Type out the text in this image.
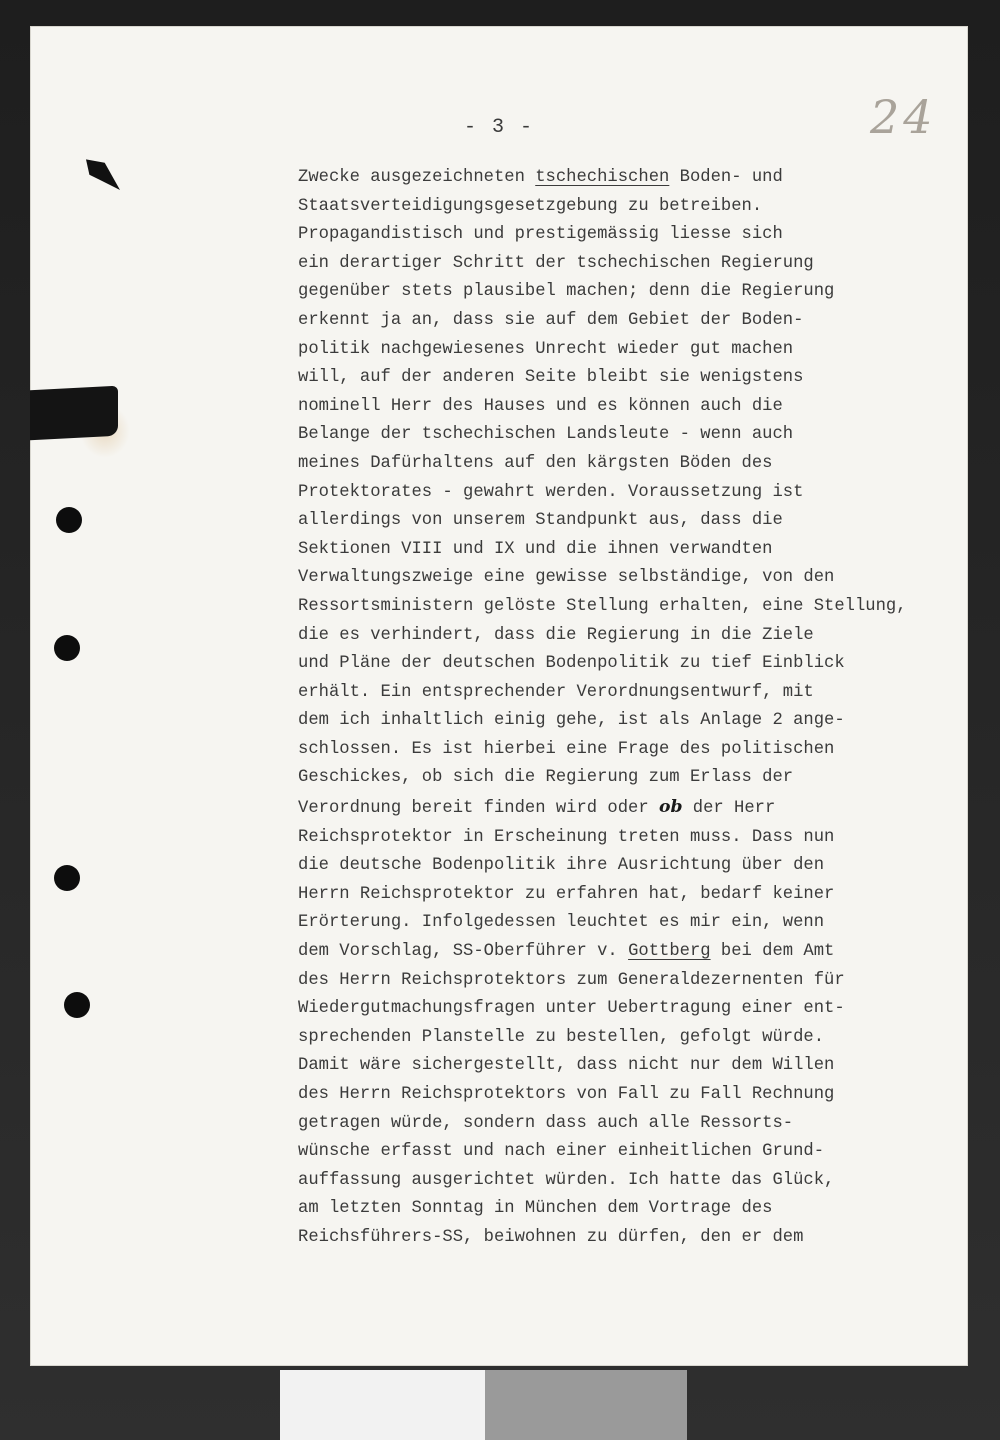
- 3 -	24
Zwecke ausgezeichneten tschechischen Boden- und
Staatsverteidigungsgesetzgebung zu betreiben.
Propagandistisch und prestigemässig liesse sich
ein derartiger Schritt der tschechischen Regierung
gegenüber stets plausibel machen; denn die Regierung
erkennt ja an, dass sie auf dem Gebiet der Boden-
politik nachgewiesenes Unrecht wieder gut machen
will, auf der anderen Seite bleibt sie wenigstens
nominell Herr des Hauses und es können auch die
Belange der tschechischen Landsleute - wenn auch
meines Dafürhaltens auf den kärgsten Böden des
Protektorates - gewahrt werden. Voraussetzung ist
allerdings von unserem Standpunkt aus, dass die
Sektionen VIII und IX und die ihnen verwandten
Verwaltungszweige eine gewisse selbständige, von den
Ressortsministern gelöste Stellung erhalten, eine Stellung,
die es verhindert, dass die Regierung in die Ziele
und Pläne der deutschen Bodenpolitik zu tief Einblick
erhält. Ein entsprechender Verordnungsentwurf, mit
dem ich inhaltlich einig gehe, ist als Anlage 2 ange-
schlossen. Es ist hierbei eine Frage des politischen
Geschickes, ob sich die Regierung zum Erlass der
Verordnung bereit finden wird oder ob der Herr
Reichsprotektor in Erscheinung treten muss. Dass nun
die deutsche Bodenpolitik ihre Ausrichtung über den
Herrn Reichsprotektor zu erfahren hat, bedarf keiner
Erörterung. Infolgedessen leuchtet es mir ein, wenn
dem Vorschlag, SS-Oberführer v. Gottberg bei dem Amt
des Herrn Reichsprotektors zum Generaldezernenten für
Wiedergutmachungsfragen unter Uebertragung einer ent-
sprechenden Planstelle zu bestellen, gefolgt würde.
Damit wäre sichergestellt, dass nicht nur dem Willen
des Herrn Reichsprotektors von Fall zu Fall Rechnung
getragen würde, sondern dass auch alle Ressorts-
wünsche erfasst und nach einer einheitlichen Grund-
auffassung ausgerichtet würden. Ich hatte das Glück,
am letzten Sonntag in München dem Vortrage des
Reichsführers-SS, beiwohnen zu dürfen, den er dem
